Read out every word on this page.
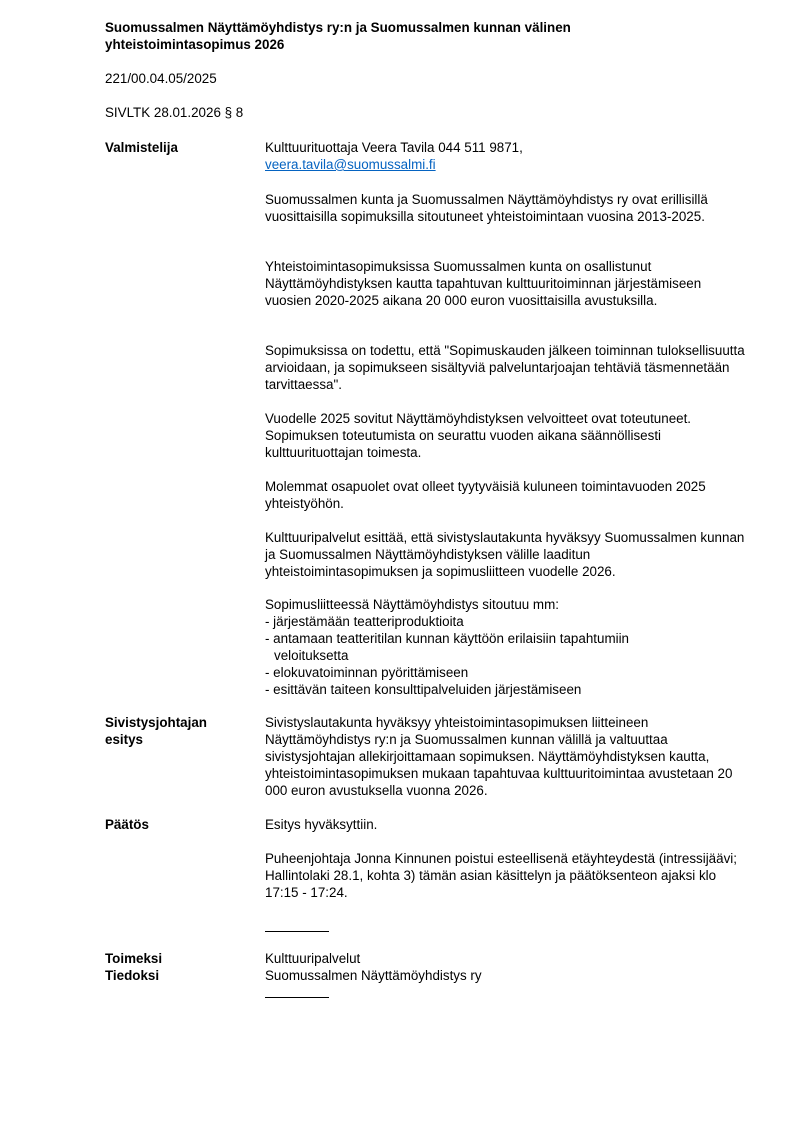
Suomussalmen Näyttämöyhdistys ry:n ja Suomussalmen kunnan välinen
yhteistoimintasopimus 2026
221/00.04.05/2025
SIVLTK 28.01.2026 § 8
Valmistelija	Kulttuurituottaja Veera Tavila 044 511 9871,

veera.tavila@suomussalmi.fi

Suomussalmen kunta ja Suomussalmen Näyttämöyhdistys ry ovat erillisillä vuosittaisilla sopimuksilla sitoutuneet yhteistoimintaan vuosina 2013-2025.
Yhteistoimintasopimuksissa Suomussalmen kunta on osallistunut Näyttämöyhdistyksen kautta tapahtuvan kulttuuritoiminnan järjestämiseen vuosien 2020-2025 aikana 20 000 euron vuosittaisilla avustuksilla.
Sopimuksissa on todettu, että "Sopimuskauden jälkeen toiminnan tuloksellisuutta arvioidaan, ja sopimukseen sisältyviä palveluntarjoajan tehtäviä täsmennetään tarvittaessa".
Vuodelle 2025 sovitut Näyttämöyhdistyksen velvoitteet ovat toteutuneet. Sopimuksen toteutumista on seurattu vuoden aikana säännöllisesti kulttuurituottajan toimesta.
Molemmat osapuolet ovat olleet tyytyväisiä kuluneen toimintavuoden 2025 yhteistyöhön.
Kulttuuripalvelut esittää, että sivistyslautakunta hyväksyy Suomussalmen kunnan ja Suomussalmen Näyttämöyhdistyksen välille laaditun yhteistoimintasopimuksen ja sopimusliitteen vuodelle 2026.

Sopimusliitteessä Näyttämöyhdistys sitoutuu mm:

- järjestämään teatteriproduktioita

- antamaan teatteritilan kunnan käyttöön erilaisiin tapahtumiin

veloituksetta

- elokuvatoiminnan pyörittämiseen

- esittävän taiteen konsulttipalveluiden järjestämiseen

Sivistysjohtajan
esitys
Sivistyslautakunta hyväksyy yhteistoimintasopimuksen liitteineen Näyttämöyhdistys ry:n ja Suomussalmen kunnan välillä ja valtuuttaa sivistysjohtajan allekirjoittamaan sopimuksen. Näyttämöyhdistyksen kautta, yhteistoimintasopimuksen mukaan tapahtuvaa kulttuuritoimintaa avustetaan 20 000 euron avustuksella vuonna 2026.
Päätös	Esitys hyväksyttiin.
Puheenjohtaja Jonna Kinnunen poistui esteellisenä etäyhteydestä (intressijäävi; Hallintolaki 28.1, kohta 3) tämän asian käsittelyn ja päätöksenteon ajaksi klo 17:15 - 17:24.
Toimeksi
Tiedoksi
Kulttuuripalvelut
Suomussalmen Näyttämöyhdistys ry
